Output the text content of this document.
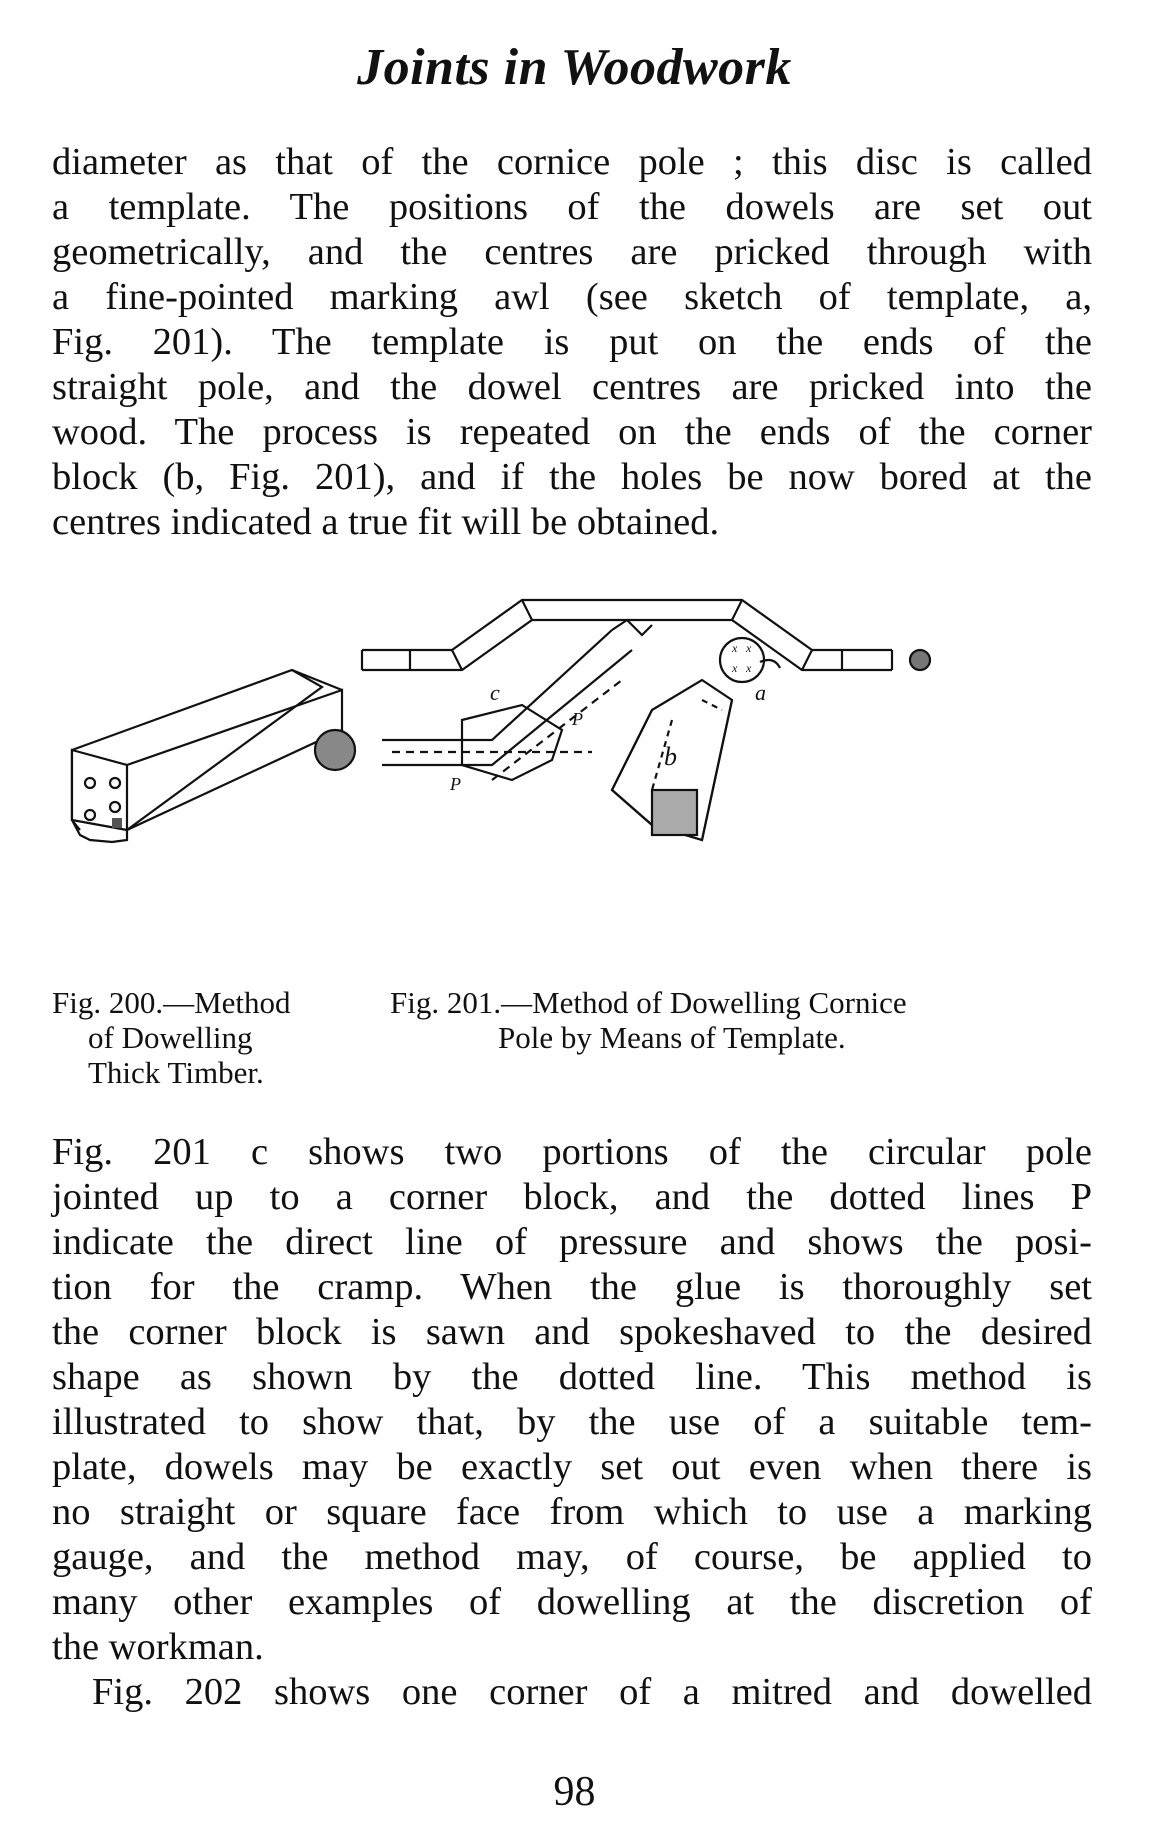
Joints in Woodwork
diameter as that of the cornice pole ; this disc is called
a template. The positions of the dowels are set out
geometrically, and the centres are pricked through with
a fine-pointed marking awl (see sketch of template, a,
Fig. 201). The template is put on the ends of the
straight pole, and the dowel centres are pricked into the
wood. The process is repeated on the ends of the corner
block (b, Fig. 201), and if the holes be now bored at the
centres indicated a true fit will be obtained.
x x
x x
a
b
c
P
P
Fig. 200.—Method
of Dowelling
Thick Timber.
Fig. 201.—Method of Dowelling Cornice
Pole by Means of Template.
Fig. 201 c shows two portions of the circular pole
jointed up to a corner block, and the dotted lines P
indicate the direct line of pressure and shows the posi-
tion for the cramp. When the glue is thoroughly set
the corner block is sawn and spokeshaved to the desired
shape as shown by the dotted line. This method is
illustrated to show that, by the use of a suitable tem-
plate, dowels may be exactly set out even when there is
no straight or square face from which to use a marking
gauge, and the method may, of course, be applied to
many other examples of dowelling at the discretion of
the workman.
Fig. 202 shows one corner of a mitred and dowelled
98
